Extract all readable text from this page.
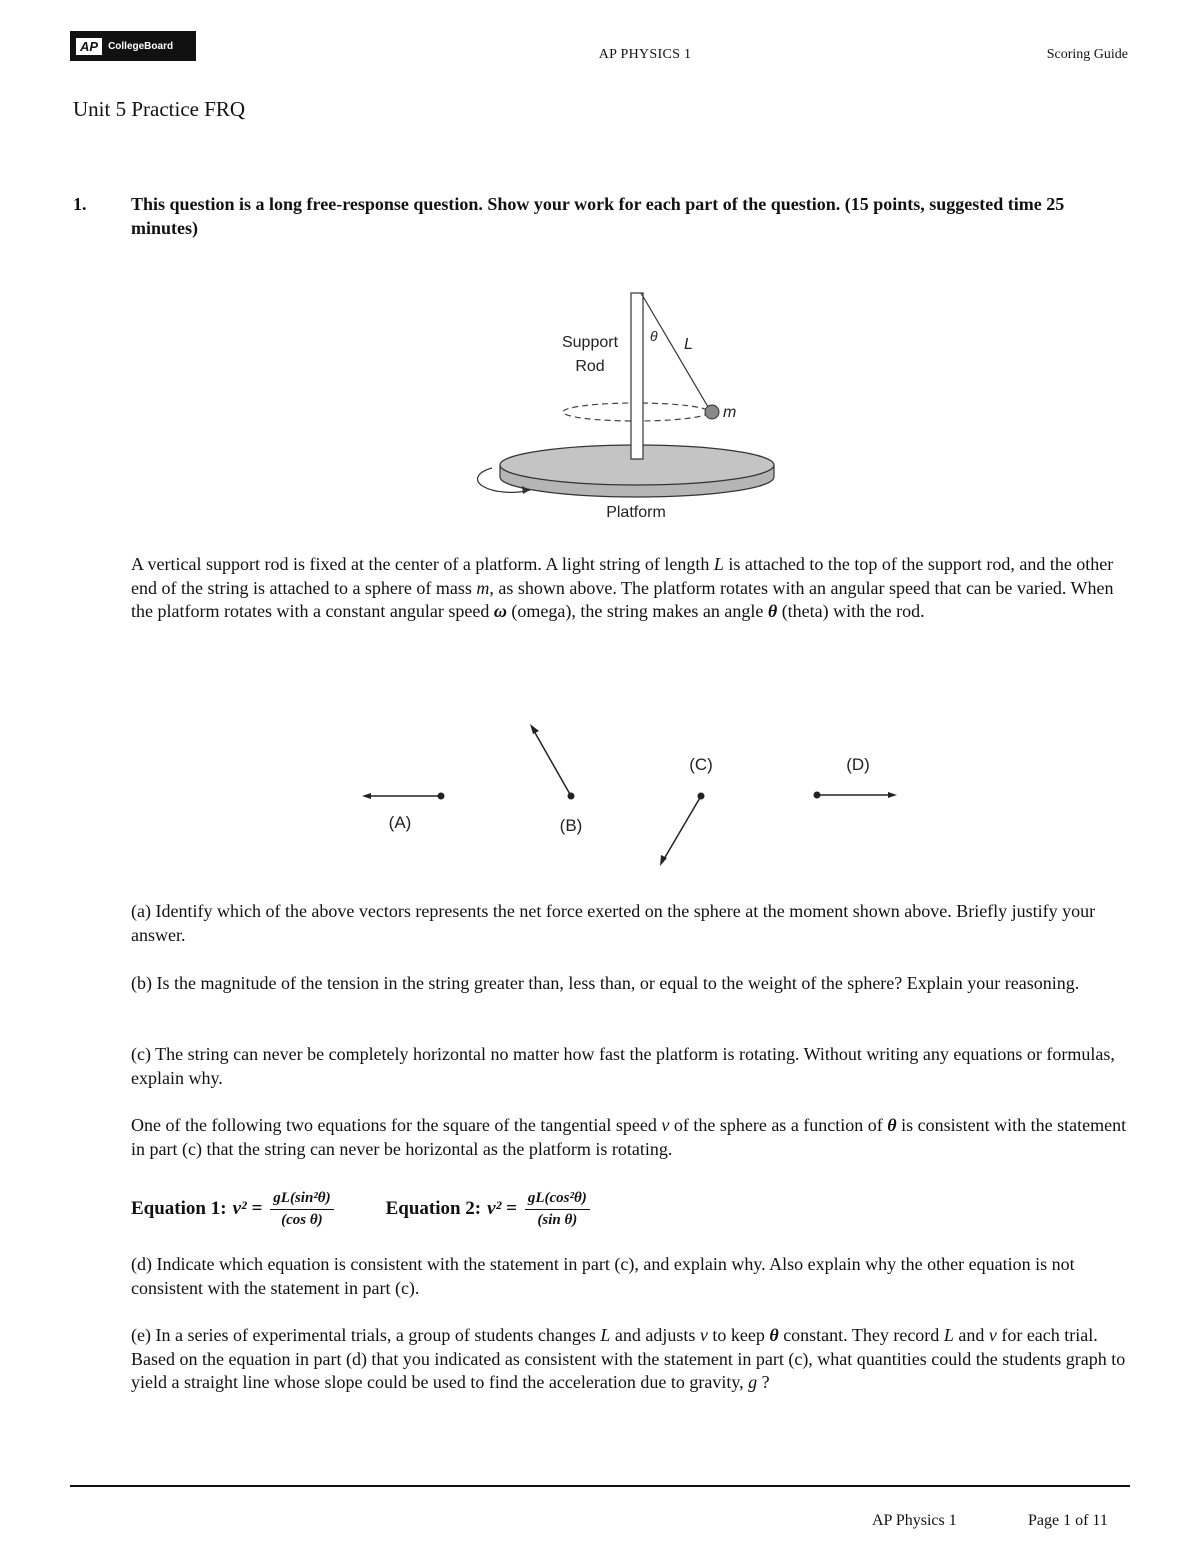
AP	CollegeBoard
AP PHYSICS 1	Scoring Guide
Unit 5 Practice FRQ
1. This question is a long free-response question. Show your work for each part of the question. (15 points, suggested time 25 minutes)
Support
Rod
θ L
m
Platform
A vertical support rod is fixed at the center of a platform. A light string of length L is attached to the top of the support rod, and the other end of the string is attached to a sphere of mass m, as shown above. The platform rotates with an angular speed that can be varied. When the platform rotates with a constant angular speed ω (omega), the string makes an angle θ (theta) with the rod.
(A)	(B)
(C)	(D)
(a) Identify which of the above vectors represents the net force exerted on the sphere at the moment shown above. Briefly justify your answer.
(b) Is the magnitude of the tension in the string greater than, less than, or equal to the weight of the sphere? Explain your reasoning.
(c) The string can never be completely horizontal no matter how fast the platform is rotating. Without writing any equations or formulas, explain why.
One of the following two equations for the square of the tangential speed v of the sphere as a function of θ is consistent with the statement in part (c) that the string can never be horizontal as the platform is rotating.
Equation 1: $v^2 = \frac{\text{gL(sin²θ)}}{\text{(cos θ)}}$	Equation 2: $v^2 = \frac{\text{gL(cos²θ)}}{\text{(sin θ)}}$
(d) Indicate which equation is consistent with the statement in part (c), and explain why. Also explain why the other equation is not consistent with the statement in part (c).
(e) In a series of experimental trials, a group of students changes L and adjusts v to keep θ constant. They record L and v for each trial. Based on the equation in part (d) that you indicated as consistent with the statement in part (c), what quantities could the students graph to yield a straight line whose slope could be used to find the acceleration due to gravity, g ?
AP Physics 1	Page 1 of 11
